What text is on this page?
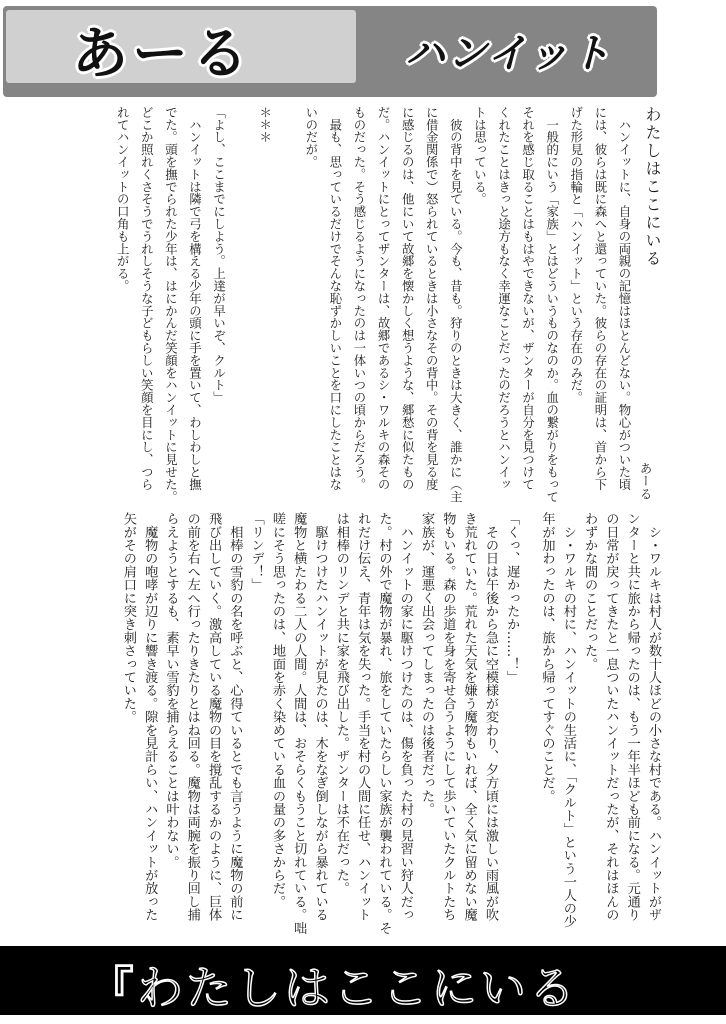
あーる	ハンイット
わたしはここにいる
　ハンイットに、自身の両親の記憶はほとんどない。物心がついた頃
には、彼らは既に森へと還っていた。彼らの存在の証明は、首から下
げた形見の指輪と「ハンイット」という存在のみだ。
　一般的にいう「家族」とはどういうものなのか。血の繋がりをもって
それを感じ取ることはもはやできないが、ザンターが自分を見つけて
くれたことはきっと途方もなく幸運なことだったのだろうとハンイッ
トは思っている。
　彼の背中を見ている。今も、昔も。狩りのときは大きく、誰かに（主
に借金関係で）怒られているときは小さなその背中。その背を見る度
に感じるのは、他にいて故郷を懐かしく想うような、郷愁に似たもの
だ。ハンイットにとってザンターは、故郷であるシ・ワルキの森その
ものだった。そう感じるようになったのは一体いつの頃からだろう。
　最も、思っているだけでそんな恥ずかしいことを口にしたことはな
いのだが。
＊＊＊
「よし、ここまでにしよう。上達が早いぞ、クルト」
　ハンイットは隣で弓を構える少年の頭に手を置いて、わしわしと撫
でた。頭を撫でられた少年は、はにかんだ笑顔をハンイットに見せた。
どこか照れくさそうでうれしそうな子どもらしい笑顔を目にし、つら
れてハンイットの口角も上がる。
あーる
　シ・ワルキは村人が数十人ほどの小さな村である。ハンイットがザ
ンターと共に旅から帰ったのは、もう一年半ほども前になる。元通り
の日常が戻ってきたと一息ついたハンイットだったが、それはほんの
わずかな間のことだった。
　シ・ワルキの村に、ハンイットの生活に、「クルト」という一人の少
年が加わったのは、旅から帰ってすぐのことだ。
「くっ、遅かったか……！」
　その日は午後から急に空模様が変わり、夕方頃には激しい雨風が吹
き荒れていた。荒れた天気を嫌う魔物もいれば、全く気に留めない魔
物もいる。森の歩道を身を寄せ合うようにして歩いていたクルトたち
家族が、運悪く出会ってしまったのは後者だった。
　ハンイットの家に駆けつけたのは、傷を負った村の見習い狩人だっ
た。村の外で魔物が暴れ、旅をしていたらしい家族が襲われている。そ
れだけ伝え、青年は気を失った。手当を村の人間に任せ、ハンイット
は相棒のリンデと共に家を飛び出した。ザンターは不在だった。
　駆けつけたハンイットが見たのは、木をなぎ倒しながら暴れている
魔物と横たわる二人の人間。人間は、おそらくもうこと切れている。咄
嗟にそう思ったのは、地面を赤く染めている血の量の多さからだ。
「リンデ！」
　相棒の雪豹の名を呼ぶと、心得ているとでも言うように魔物の前に
飛び出していく。激高している魔物の目を撹乱するかのように、巨体
の前を右へ左へ行ったりきたりとはね回る。魔物は両腕を振り回し捕
らえようとするも、素早い雪豹を捕らえることは叶わない。
　魔物の咆哮が辺りに響き渡る。隙を見計らい、ハンイットが放った
矢がその肩口に突き刺さっていた。
『わたしはここにいる
